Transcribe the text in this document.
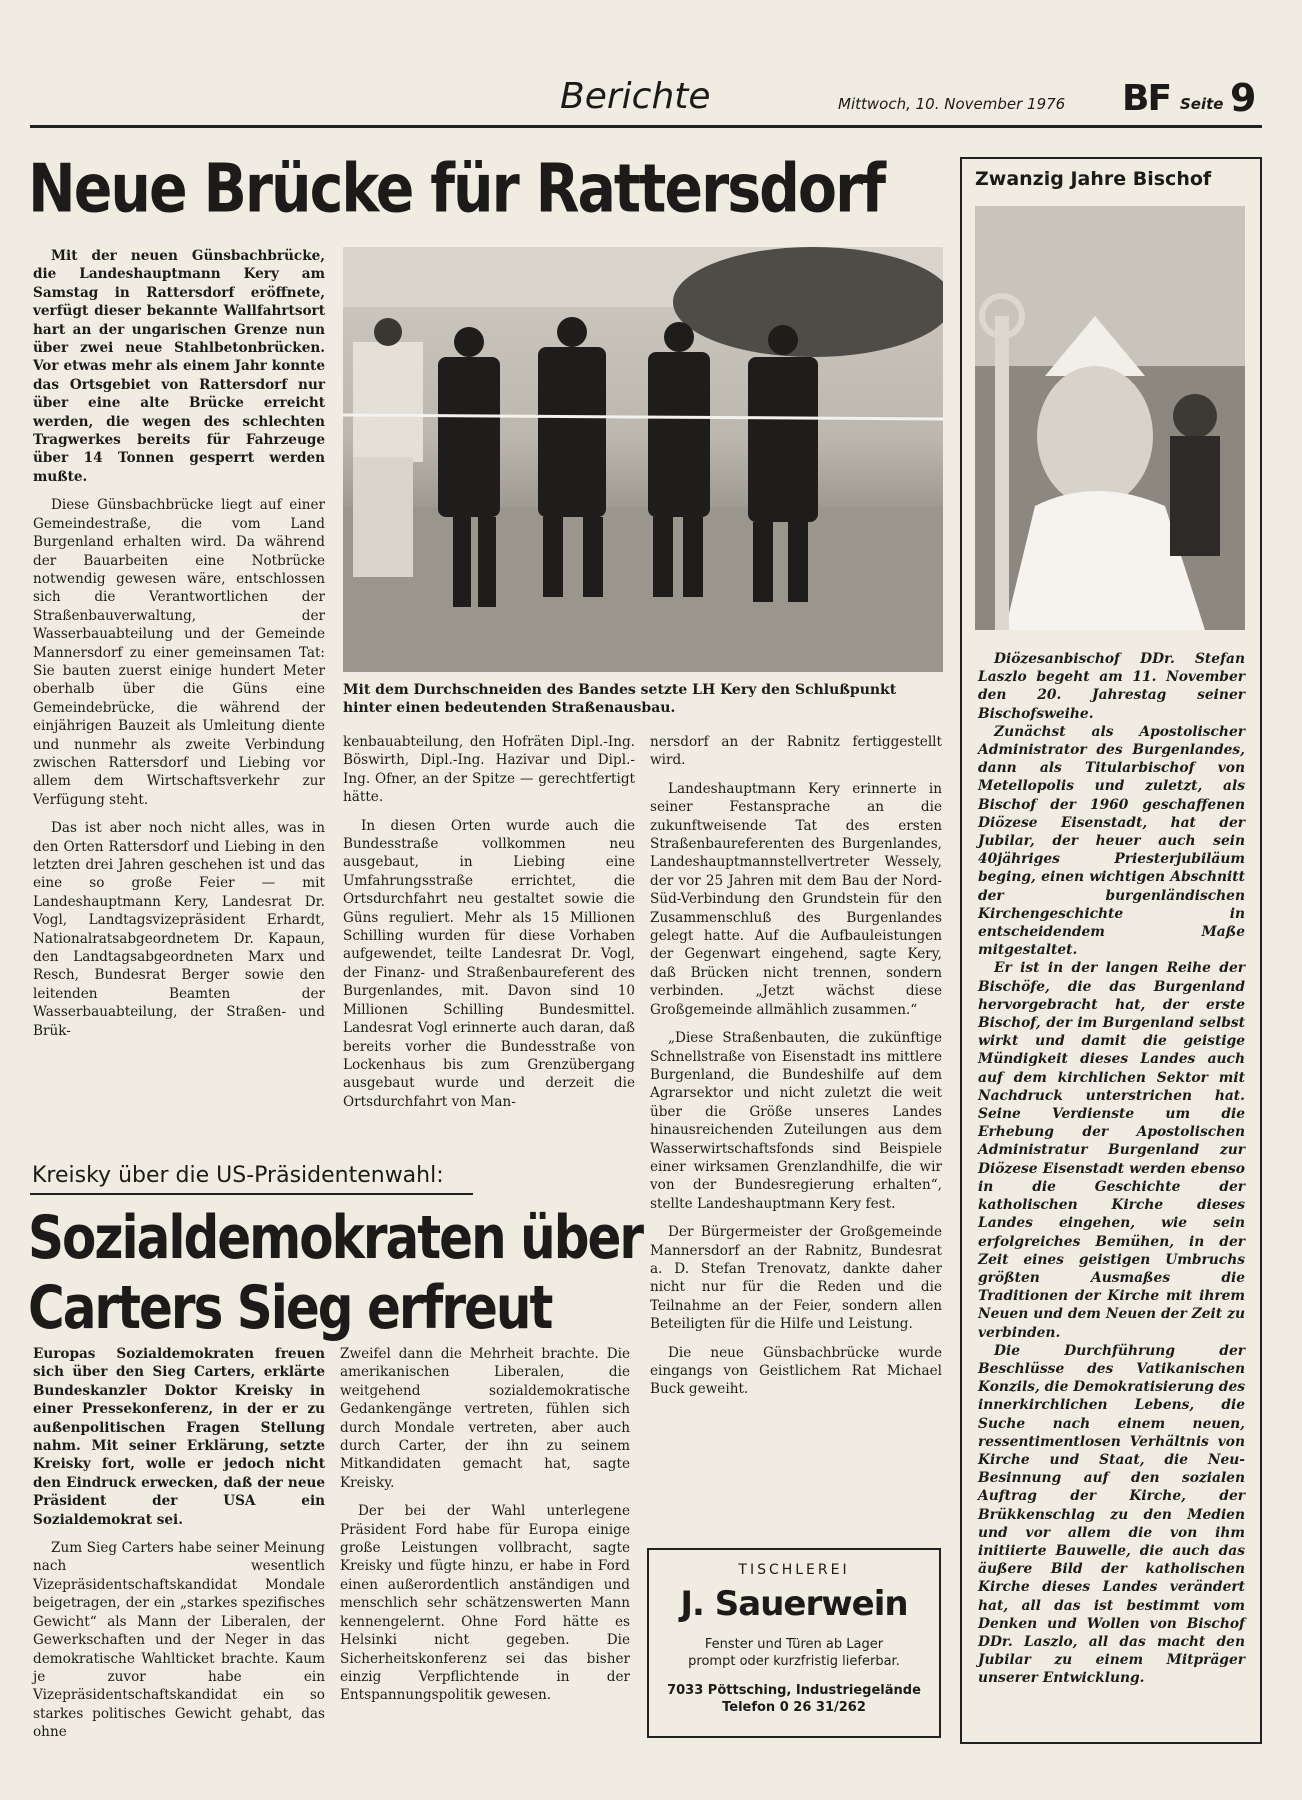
Berichte	Mittwoch, 10. November 1976 BF Seite 9
Neue Brücke für Rattersdorf

Mit der neuen Günsbachbrücke, die Landeshauptmann Kery am Samstag in Rattersdorf eröffnete, verfügt dieser bekannte Wallfahrtsort hart an der ungarischen Grenze nun über zwei neue Stahlbetonbrücken. Vor etwas mehr als einem Jahr konnte das Ortsgebiet von Rattersdorf nur über eine alte Brücke erreicht werden, die wegen des schlechten Tragwerkes bereits für Fahrzeuge über 14 Tonnen gesperrt werden mußte.

Diese Günsbachbrücke liegt auf einer Gemeindestraße, die vom Land Burgenland erhalten wird. Da während der Bauarbeiten eine Notbrücke notwendig gewesen wäre, entschlossen sich die Verantwortlichen der Straßenbauverwaltung, der Wasserbauabteilung und der Gemeinde Mannersdorf zu einer gemeinsamen Tat: Sie bauten zuerst einige hundert Meter oberhalb über die Güns eine Gemeindebrücke, die während der einjährigen Bauzeit als Umleitung diente und nunmehr als zweite Verbindung zwischen Rattersdorf und Liebing vor allem dem Wirtschaftsverkehr zur Verfügung steht.

Das ist aber noch nicht alles, was in den Orten Rattersdorf und Liebing in den letzten drei Jahren geschehen ist und das eine so große Feier — mit Landeshauptmann Kery, Landesrat Dr. Vogl, Landtagsvizepräsident Erhardt, Nationalratsabgeordnetem Dr. Kapaun, den Landtagsabgeordneten Marx und Resch, Bundesrat Berger sowie den leitenden Beamten der Wasserbauabteilung, der Straßen- und Brük-

Mit dem Durchschneiden des Bandes setzte LH Kery den Schlußpunkt hinter einen bedeutenden Straßenausbau.

kenbauabteilung, den Hofräten Dipl.-Ing. Böswirth, Dipl.-Ing. Hazivar und Dipl.-Ing. Ofner, an der Spitze — gerechtfertigt hätte.

In diesen Orten wurde auch die Bundesstraße vollkommen neu ausgebaut, in Liebing eine Umfahrungsstraße errichtet, die Ortsdurchfahrt neu gestaltet sowie die Güns reguliert. Mehr als 15 Millionen Schilling wurden für diese Vorhaben aufgewendet, teilte Landesrat Dr. Vogl, der Finanz- und Straßenbaureferent des Burgenlandes, mit. Davon sind 10 Millionen Schilling Bundesmittel. Landesrat Vogl erinnerte auch daran, daß bereits vorher die Bundesstraße von Lockenhaus bis zum Grenzübergang ausgebaut wurde und derzeit die Ortsdurchfahrt von Man-

nersdorf an der Rabnitz fertiggestellt wird.

Landeshauptmann Kery erinnerte in seiner Festansprache an die zukunftweisende Tat des ersten Straßenbaureferenten des Burgenlandes, Landeshauptmannstellvertreter Wessely, der vor 25 Jahren mit dem Bau der Nord-Süd-Verbindung den Grundstein für den Zusammenschluß des Burgenlandes gelegt hatte. Auf die Aufbauleistungen der Gegenwart eingehend, sagte Kery, daß Brücken nicht trennen, sondern verbinden. „Jetzt wächst diese Großgemeinde allmählich zusammen.“

„Diese Straßenbauten, die zukünftige Schnellstraße von Eisenstadt ins mittlere Burgenland, die Bundeshilfe auf dem Agrarsektor und nicht zuletzt die weit über die Größe unseres Landes hinausreichenden Zuteilungen aus dem Wasserwirtschaftsfonds sind Beispiele einer wirksamen Grenzlandhilfe, die wir von der Bundesregierung erhalten“, stellte Landeshauptmann Kery fest.

Der Bürgermeister der Großgemeinde Mannersdorf an der Rabnitz, Bundesrat a. D. Stefan Trenovatz, dankte daher nicht nur für die Reden und die Teilnahme an der Feier, sondern allen Beteiligten für die Hilfe und Leistung.

Die neue Günsbachbrücke wurde eingangs von Geistlichem Rat Michael Buck geweiht.

Kreisky über die US-Präsidentenwahl:
Sozialdemokraten über
Carters Sieg erfreut

Europas Sozialdemokraten freuen sich über den Sieg Carters, erklärte Bundeskanzler Doktor Kreisky in einer Pressekonferenz, in der er zu außenpolitischen Fragen Stellung nahm. Mit seiner Erklärung, setzte Kreisky fort, wolle er jedoch nicht den Eindruck erwecken, daß der neue Präsident der USA ein Sozialdemokrat sei.

Zum Sieg Carters habe seiner Meinung nach wesentlich Vizepräsidentschaftskandidat Mondale beigetragen, der ein „starkes spezifisches Gewicht“ als Mann der Liberalen, der Gewerkschaften und der Neger in das demokratische Wahlticket brachte. Kaum je zuvor habe ein Vizepräsidentschaftskandidat ein so starkes politisches Gewicht gehabt, das ohne

Zweifel dann die Mehrheit brachte. Die amerikanischen Liberalen, die weitgehend sozialdemokratische Gedankengänge vertreten, fühlen sich durch Mondale vertreten, aber auch durch Carter, der ihn zu seinem Mitkandidaten gemacht hat, sagte Kreisky.

Der bei der Wahl unterlegene Präsident Ford habe für Europa einige große Leistungen vollbracht, sagte Kreisky und fügte hinzu, er habe in Ford einen außerordentlich anständigen und menschlich sehr schätzenswerten Mann kennengelernt. Ohne Ford hätte es Helsinki nicht gegeben. Die Sicherheitskonferenz sei das bisher einzig Verpflichtende in der Entspannungspolitik gewesen.

TISCHLEREI
J. Sauerwein
Fenster und Türen ab Lager
prompt oder kurzfristig lieferbar.
7033 Pöttsching, Industriegelände
Telefon 0 26 31/262
Zwanzig Jahre Bischof

Diözesanbischof DDr. Stefan Laszlo begeht am 11. November den 20. Jahrestag seiner Bischofsweihe.

Zunächst als Apostolischer Administrator des Burgenlandes, dann als Titularbischof von Metellopolis und zuletzt, als Bischof der 1960 geschaffenen Diözese Eisenstadt, hat der Jubilar, der heuer auch sein 40jähriges Priesterjubiläum beging, einen wichtigen Abschnitt der burgenländischen Kirchengeschichte in entscheidendem Maße mitgestaltet.

Er ist in der langen Reihe der Bischöfe, die das Burgenland hervorgebracht hat, der erste Bischof, der im Burgenland selbst wirkt und damit die geistige Mündigkeit dieses Landes auch auf dem kirchlichen Sektor mit Nachdruck unterstrichen hat. Seine Verdienste um die Erhebung der Apostolischen Administratur Burgenland zur Diözese Eisenstadt werden ebenso in die Geschichte der katholischen Kirche dieses Landes eingehen, wie sein erfolgreiches Bemühen, in der Zeit eines geistigen Umbruchs größten Ausmaßes die Traditionen der Kirche mit ihrem Neuen und dem Neuen der Zeit zu verbinden.

Die Durchführung der Beschlüsse des Vatikanischen Konzils, die Demokratisierung des innerkirchlichen Lebens, die Suche nach einem neuen, ressentimentlosen Verhältnis von Kirche und Staat, die Neu-Besinnung auf den sozialen Auftrag der Kirche, der Brükkenschlag zu den Medien und vor allem die von ihm initiierte Bauwelle, die auch das äußere Bild der katholischen Kirche dieses Landes verändert hat, all das ist bestimmt vom Denken und Wollen von Bischof DDr. Laszlo, all das macht den Jubilar zu einem Mitpräger unserer Entwicklung.
